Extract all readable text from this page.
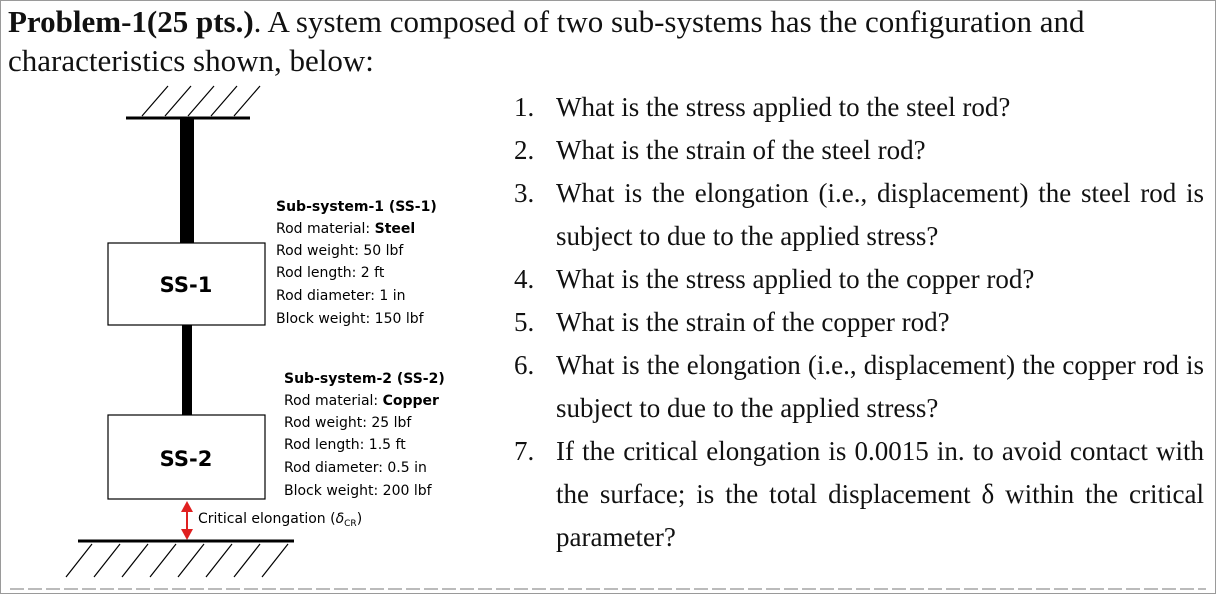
Problem-1(25 pts.). A system composed of two sub-systems has the configuration and characteristics shown, below:
SS-1
SS-2
Sub-system-1 (SS-1)
Rod material: Steel
Rod weight: 50 lbf
Rod length: 2 ft
Rod diameter: 1 in
Block weight: 150 lbf
Sub-system-2 (SS-2)
Rod material: Copper
Rod weight: 25 lbf
Rod length: 1.5 ft
Rod diameter: 0.5 in
Block weight: 200 lbf
Critical elongation $(\delta_{CR})$
1. What is the stress applied to the steel rod?
2. What is the strain of the steel rod?
3. What is the elongation (i.e., displacement) the steel rod is subject to due to the applied stress?
4. What is the stress applied to the copper rod?
5. What is the strain of the copper rod?
6. What is the elongation (i.e., displacement) the copper rod is subject to due to the applied stress?
7. If the critical elongation is 0.0015 in. to avoid contact with the surface; is the total displacement δ within the critical parameter?
